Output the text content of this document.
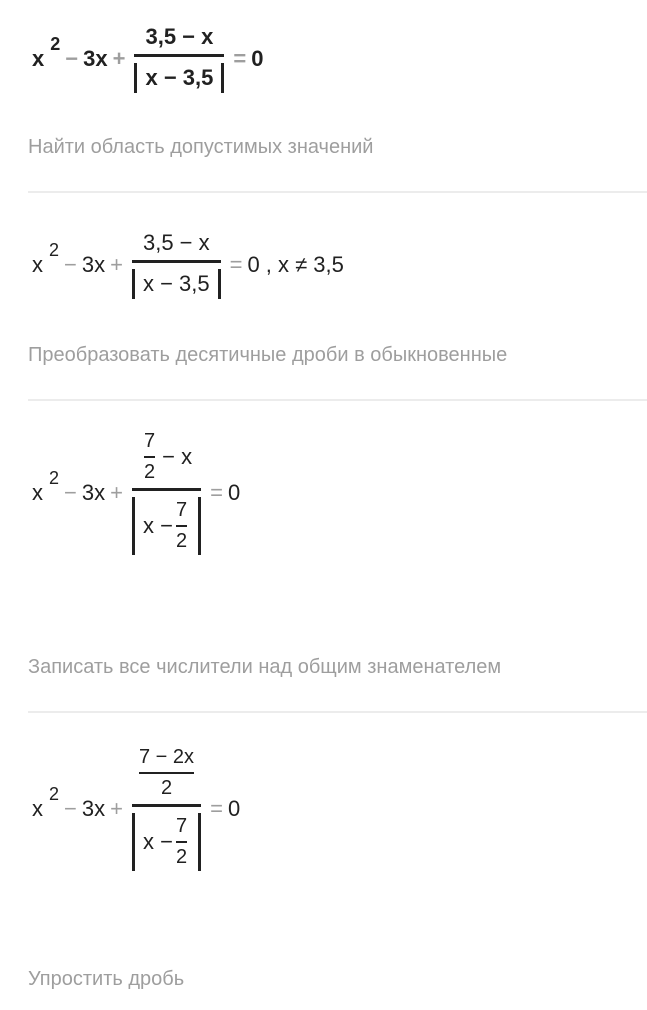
x
2
− $3x + \frac{3,5 - x}{x - 3,5} = 0$
Найти область допустимых значений
x
2
− $3x + \frac{3,5 - x}{x - 3,5} = 0$ , x ≠ 3,5
Преобразовать десятичные дроби в обыкновенные
x
2
− $3x + \frac{\frac{7}{2} - x}{x - \frac{7}{2}} = 0$
Записать все числители над общим знаменателем
x
2
− $3x + \frac{\frac{7 - 2x}{2}}{x - \frac{7}{2}} = 0$
Упростить дробь
